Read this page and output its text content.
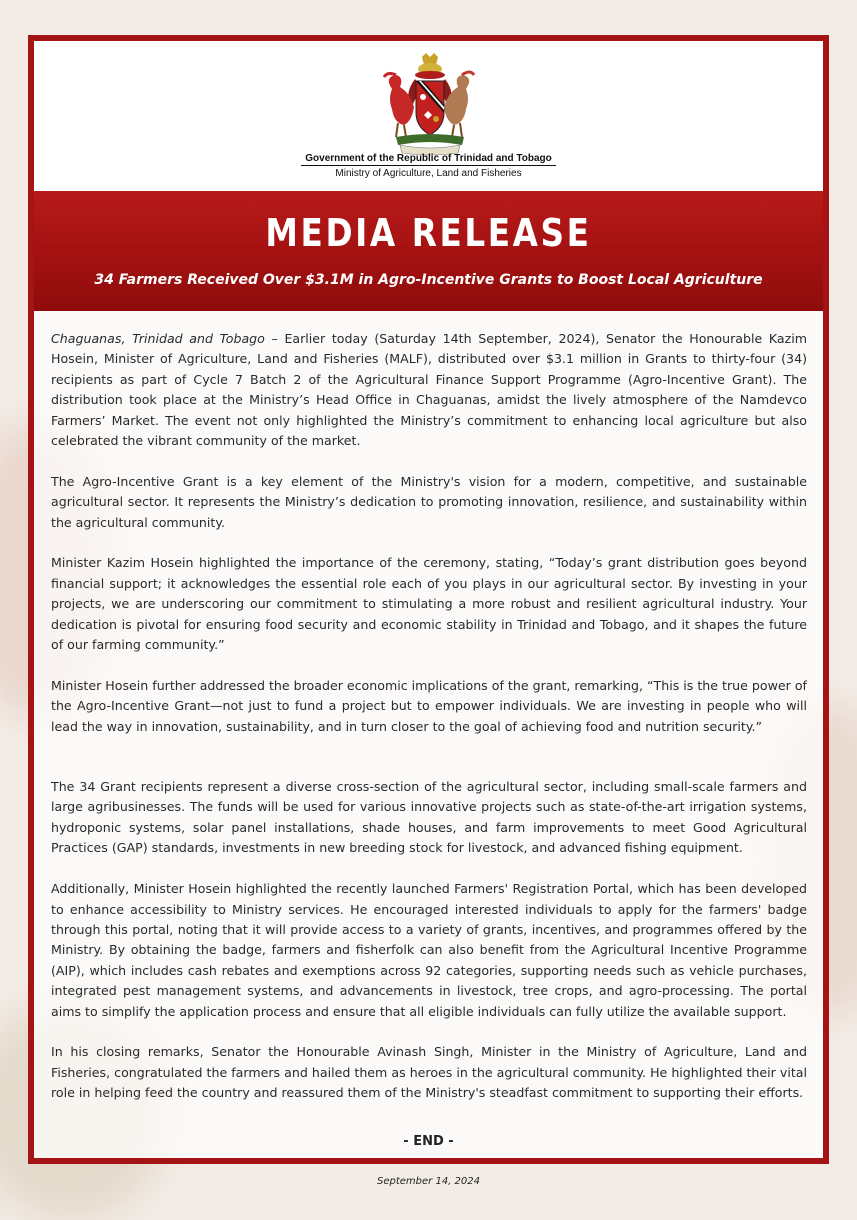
Government of the Republic of Trinidad and Tobago
Ministry of Agriculture, Land and Fisheries
MEDIA RELEASE
34 Farmers Received Over $3.1M in Agro-Incentive Grants to Boost Local Agriculture

Chaguanas, Trinidad and Tobago – Earlier today (Saturday 14th September, 2024), Senator the Honourable Kazim Hosein, Minister of Agriculture, Land and Fisheries (MALF), distributed over $3.1 million in Grants to thirty-four (34) recipients as part of Cycle 7 Batch 2 of the Agricultural Finance Support Programme (Agro-Incentive Grant). The distribution took place at the Ministry’s Head Office in Chaguanas, amidst the lively atmosphere of the Namdevco Farmers’ Market. The event not only highlighted the Ministry’s commitment to enhancing local agriculture but also celebrated the vibrant community of the market.

The Agro-Incentive Grant is a key element of the Ministry's vision for a modern, competitive, and sustainable agricultural sector. It represents the Ministry’s dedication to promoting innovation, resilience, and sustainability within the agricultural community.

Minister Kazim Hosein highlighted the importance of the ceremony, stating, “Today’s grant distribution goes beyond financial support; it acknowledges the essential role each of you plays in our agricultural sector. By investing in your projects, we are underscoring our commitment to stimulating a more robust and resilient agricultural industry. Your dedication is pivotal for ensuring food security and economic stability in Trinidad and Tobago, and it shapes the future of our farming community.”

Minister Hosein further addressed the broader economic implications of the grant, remarking, “This is the true power of the Agro-Incentive Grant—not just to fund a project but to empower individuals. We are investing in people who will lead the way in innovation, sustainability, and in turn closer to the goal of achieving food and nutrition security.”

The 34 Grant recipients represent a diverse cross-section of the agricultural sector, including small-scale farmers and large agribusinesses. The funds will be used for various innovative projects such as state-of-the-art irrigation systems, hydroponic systems, solar panel installations, shade houses, and farm improvements to meet Good Agricultural Practices (GAP) standards, investments in new breeding stock for livestock, and advanced fishing equipment.

Additionally, Minister Hosein highlighted the recently launched Farmers' Registration Portal, which has been developed to enhance accessibility to Ministry services. He encouraged interested individuals to apply for the farmers' badge through this portal, noting that it will provide access to a variety of grants, incentives, and programmes offered by the Ministry. By obtaining the badge, farmers and fisherfolk can also benefit from the Agricultural Incentive Programme (AIP), which includes cash rebates and exemptions across 92 categories, supporting needs such as vehicle purchases, integrated pest management systems, and advancements in livestock, tree crops, and agro-processing. The portal aims to simplify the application process and ensure that all eligible individuals can fully utilize the available support.

In his closing remarks, Senator the Honourable Avinash Singh, Minister in the Ministry of Agriculture, Land and Fisheries, congratulated the farmers and hailed them as heroes in the agricultural community. He highlighted their vital role in helping feed the country and reassured them of the Ministry's steadfast commitment to supporting their efforts.

- END -
September 14, 2024
